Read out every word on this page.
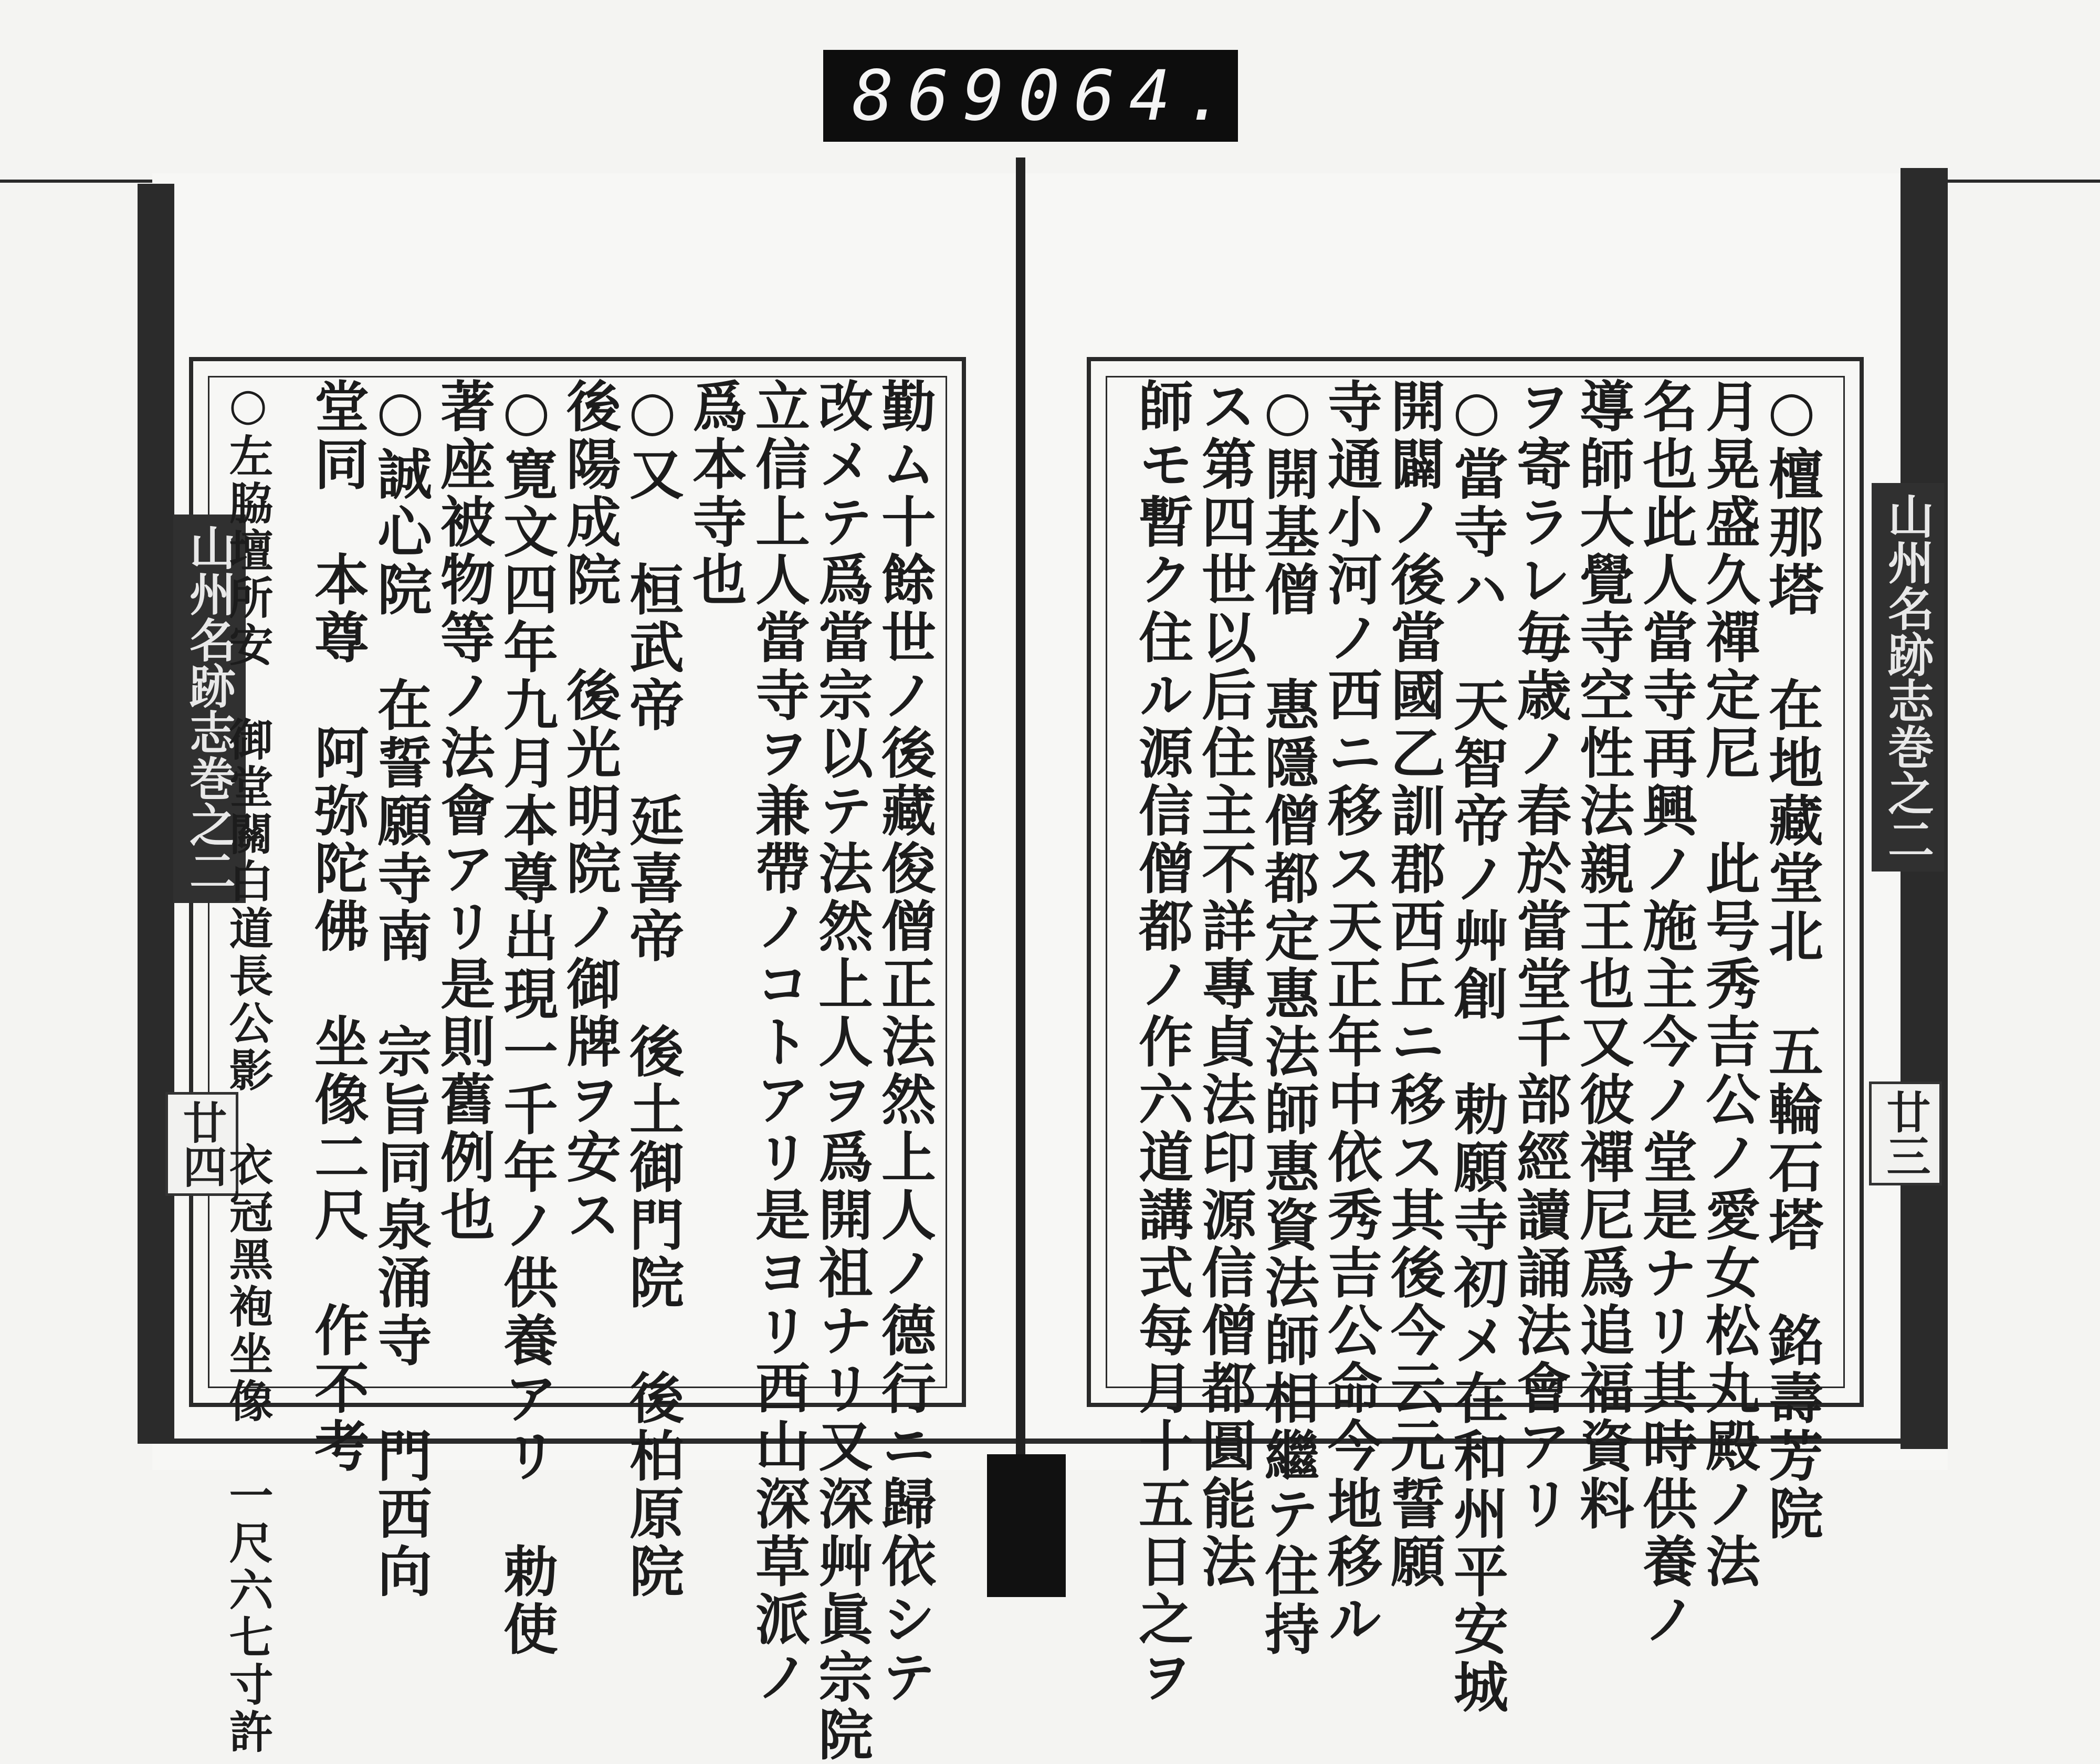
869 064.
山州名跡志巻之二
廿三
○檀那塔　在地藏堂北　五輪石塔　銘壽芳院
月晃盛久禪定尼　此号秀吉公ノ愛女松丸殿ノ法
名也此人當寺再興ノ施主今ノ堂是ナリ其時供養ノ
導師大覺寺空性法親王也又彼禪尼爲追福資料
ヲ寄ラレ毎歳ノ春於當堂千部經讀誦法會アリ
○當寺ハ　天智帝ノ艸創　勅願寺初メ在和州平安城
開闢ノ後當國乙訓郡西丘ニ移ス其後今云元誓願
寺通小河ノ西ニ移ス天正年中依秀吉公命今地移ル
○開基僧　惠隱僧都定惠法師惠資法師相繼テ住持
ス第四世以后住主不詳專貞法印源信僧都圓能法
師モ暫ク住ル源信僧都ノ作六道講式每月十五日之ヲ
山州名跡志巻之二
廿四	勤ム十餘世ノ後藏俊僧正法然上人ノ德行ニ歸依シテ
改メテ爲當宗以テ法然上人ヲ爲開祖ナリ又深艸眞宗院
立信上人當寺ヲ兼帶ノコトアリ是ヨリ西山深草派ノ
爲本寺也
○又　桓武帝　延喜帝　後土御門院　後柏原院
後陽成院　後光明院ノ御牌ヲ安ス
○寛文四年九月本尊出現一千年ノ供養アリ　勅使
著座被物等ノ法會アリ是則舊例也
○誠心院　在誓願寺南　宗旨同泉涌寺　門西向
堂同　本尊　阿弥陀佛　坐像二尺　作不考
○左脇壇所安　御堂關白道長公影　衣冠黑袍坐像　一尺六七寸許
